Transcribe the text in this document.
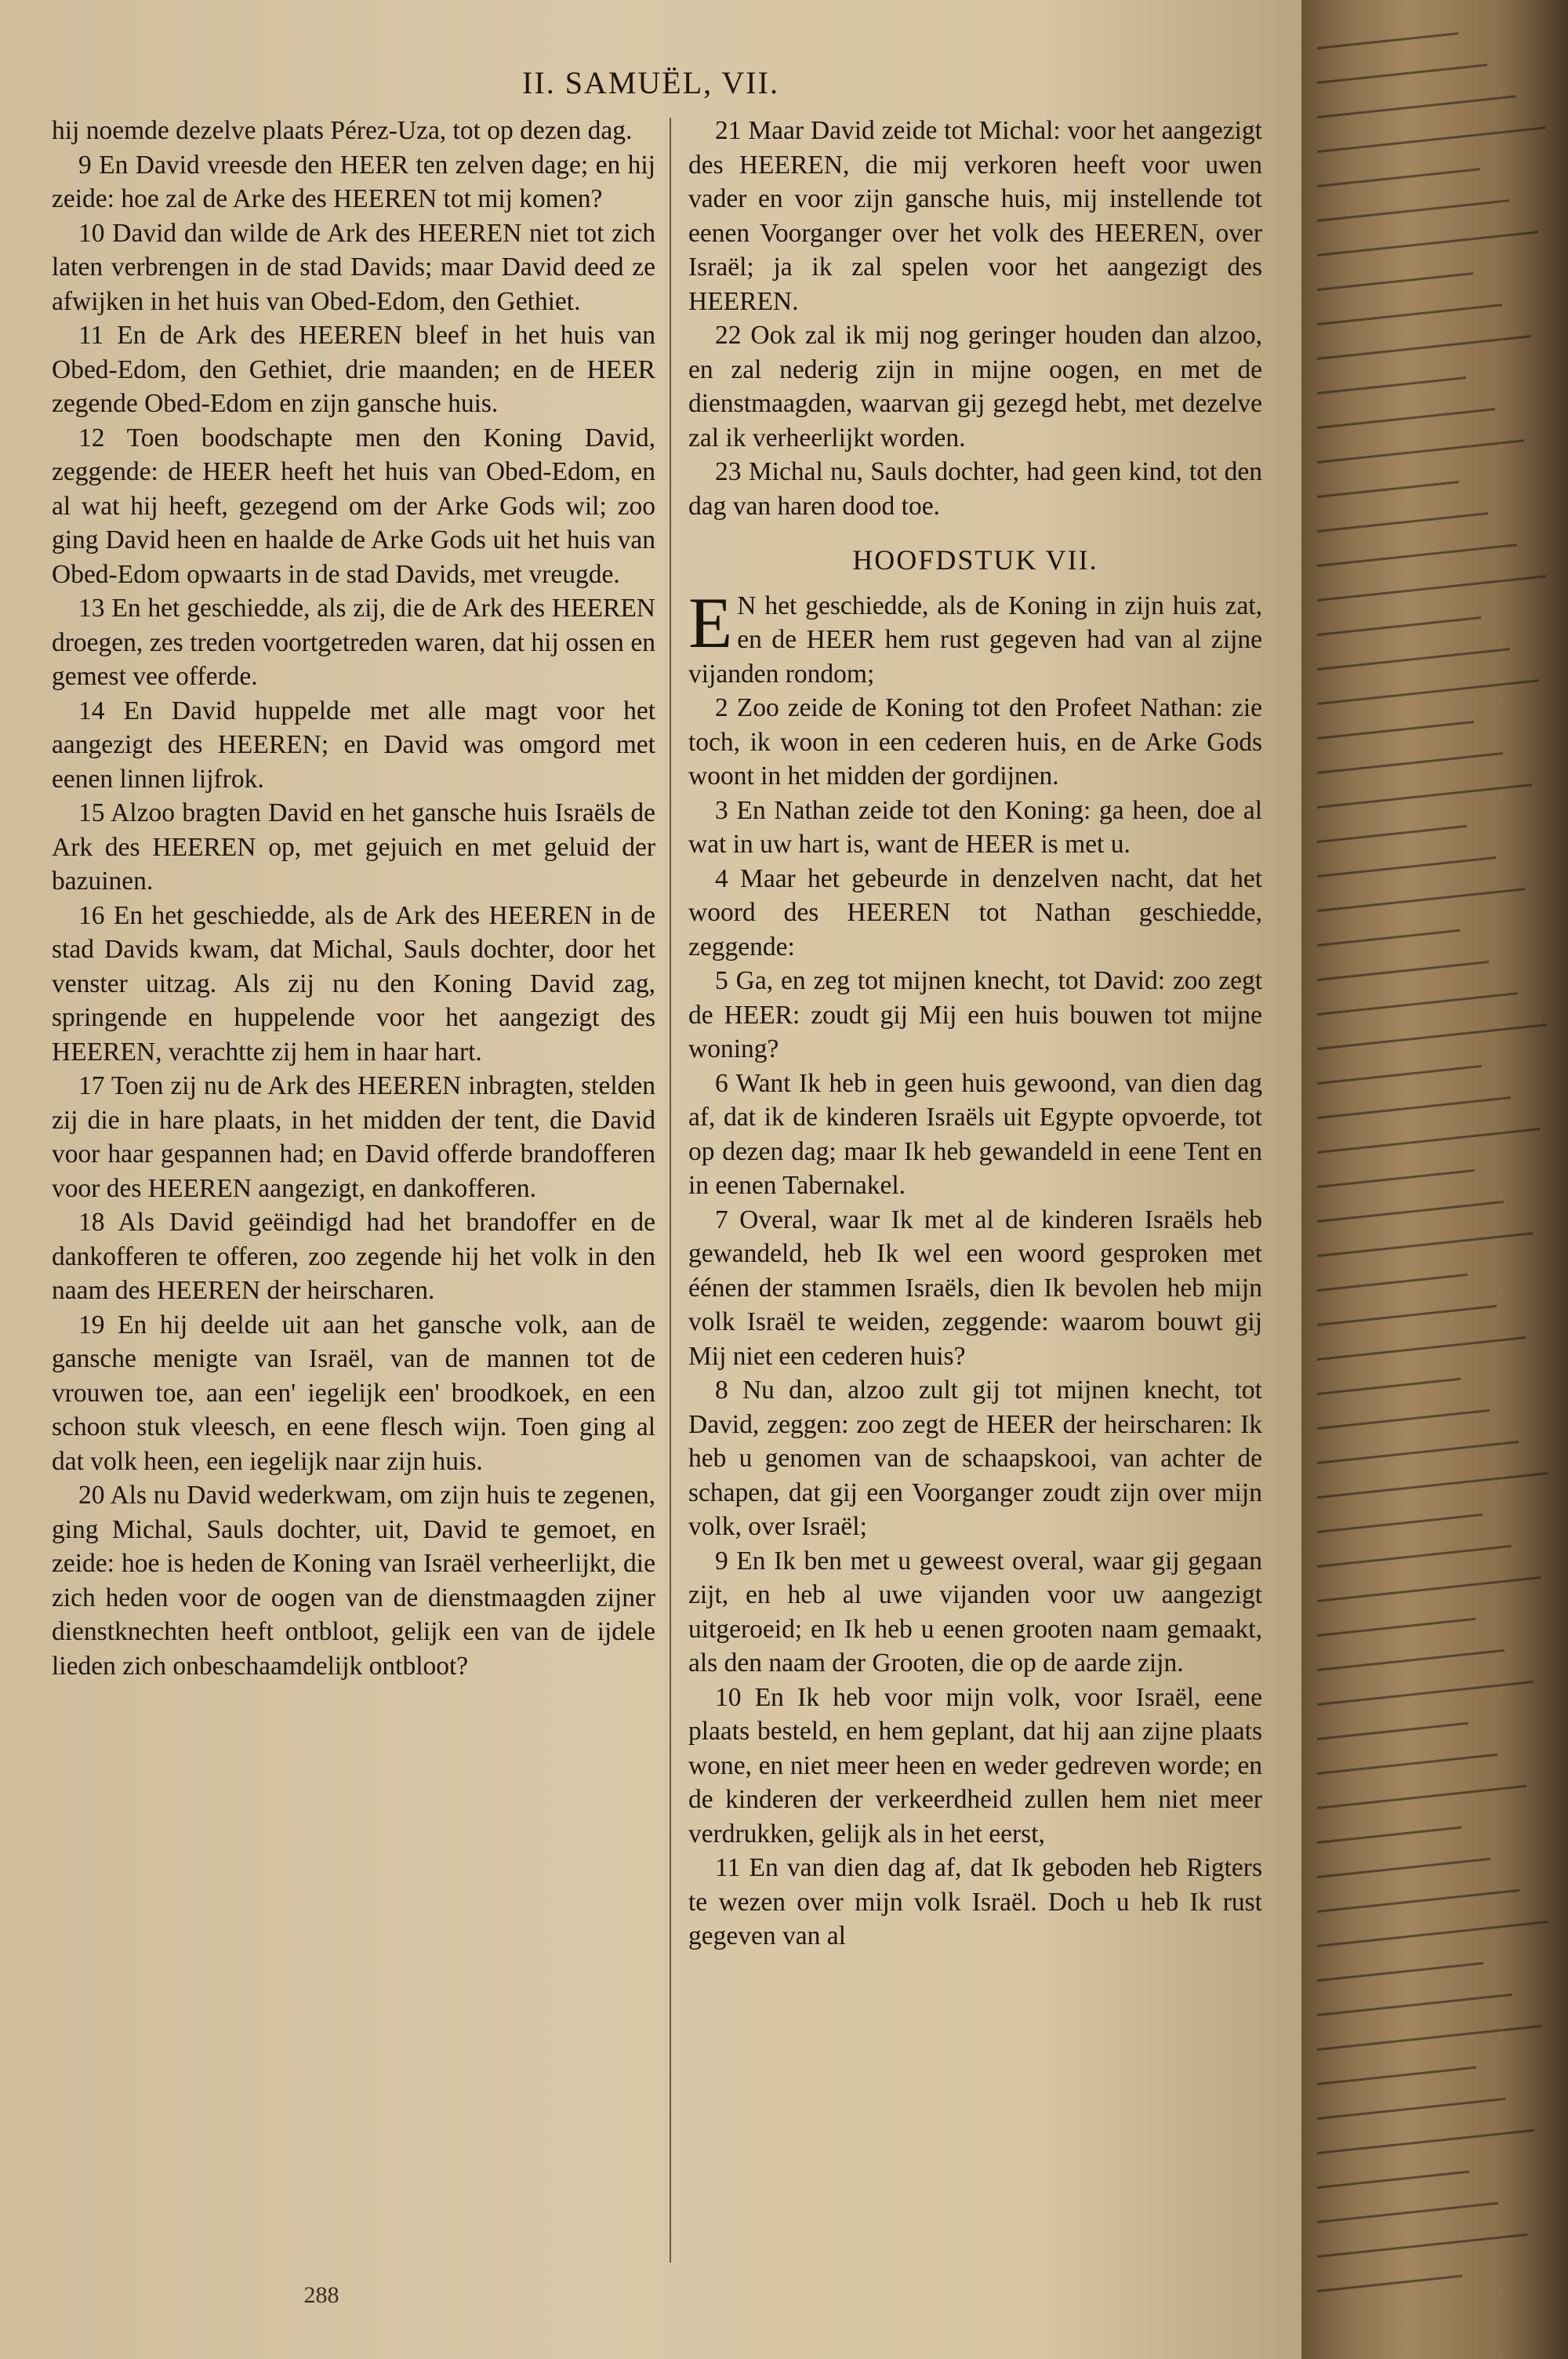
II. SAMUËL, VII.

hij noemde dezelve plaats Pérez-Uza, tot op dezen dag.

9 En David vreesde den HEER ten zelven dage; en hij zeide: hoe zal de Arke des HEEREN tot mij komen?

10 David dan wilde de Ark des HEEREN niet tot zich laten verbrengen in de stad Davids; maar David deed ze afwijken in het huis van Obed-Edom, den Gethiet.

11 En de Ark des HEEREN bleef in het huis van Obed-Edom, den Gethiet, drie maanden; en de HEER zegende Obed-Edom en zijn gansche huis.

12 Toen boodschapte men den Koning David, zeggende: de HEER heeft het huis van Obed-Edom, en al wat hij heeft, gezegend om der Arke Gods wil; zoo ging David heen en haalde de Arke Gods uit het huis van Obed-Edom opwaarts in de stad Davids, met vreugde.

13 En het geschiedde, als zij, die de Ark des HEEREN droegen, zes treden voortgetreden waren, dat hij ossen en gemest vee offerde.

14 En David huppelde met alle magt voor het aangezigt des HEEREN; en David was omgord met eenen linnen lijfrok.

15 Alzoo bragten David en het gansche huis Israëls de Ark des HEEREN op, met gejuich en met geluid der bazuinen.

16 En het geschiedde, als de Ark des HEEREN in de stad Davids kwam, dat Michal, Sauls dochter, door het venster uitzag. Als zij nu den Koning David zag, springende en huppelende voor het aangezigt des HEEREN, verachtte zij hem in haar hart.

17 Toen zij nu de Ark des HEEREN inbragten, stelden zij die in hare plaats, in het midden der tent, die David voor haar gespannen had; en David offerde brandofferen voor des HEEREN aangezigt, en dankofferen.

18 Als David geëindigd had het brandoffer en de dankofferen te offeren, zoo zegende hij het volk in den naam des HEEREN der heirscharen.

19 En hij deelde uit aan het gansche volk, aan de gansche menigte van Israël, van de mannen tot de vrouwen toe, aan een' iegelijk een' broodkoek, en een schoon stuk vleesch, en eene flesch wijn. Toen ging al dat volk heen, een iegelijk naar zijn huis.

20 Als nu David wederkwam, om zijn huis te zegenen, ging Michal, Sauls dochter, uit, David te gemoet, en zeide: hoe is heden de Koning van Israël verheerlijkt, die zich heden voor de oogen van de dienstmaagden zijner dienstknechten heeft ontbloot, gelijk een van de ijdele lieden zich onbeschaamdelijk ontbloot?

21 Maar David zeide tot Michal: voor het aangezigt des HEEREN, die mij verkoren heeft voor uwen vader en voor zijn gansche huis, mij instellende tot eenen Voorganger over het volk des HEEREN, over Israël; ja ik zal spelen voor het aangezigt des HEEREN.

22 Ook zal ik mij nog geringer houden dan alzoo, en zal nederig zijn in mijne oogen, en met de dienstmaagden, waarvan gij gezegd hebt, met dezelve zal ik verheerlijkt worden.

23 Michal nu, Sauls dochter, had geen kind, tot den dag van haren dood toe.

HOOFDSTUK VII.

E N het geschiedde, als de Koning in zijn huis zat, en de HEER hem rust gegeven had van al zijne vijanden rondom;

2 Zoo zeide de Koning tot den Profeet Nathan: zie toch, ik woon in een cederen huis, en de Arke Gods woont in het midden der gordijnen.

3 En Nathan zeide tot den Koning: ga heen, doe al wat in uw hart is, want de HEER is met u.

4 Maar het gebeurde in denzelven nacht, dat het woord des HEEREN tot Nathan geschiedde, zeggende:

5 Ga, en zeg tot mijnen knecht, tot David: zoo zegt de HEER: zoudt gij Mij een huis bouwen tot mijne woning?

6 Want Ik heb in geen huis gewoond, van dien dag af, dat ik de kinderen Israëls uit Egypte opvoerde, tot op dezen dag; maar Ik heb gewandeld in eene Tent en in eenen Tabernakel.

7 Overal, waar Ik met al de kinderen Israëls heb gewandeld, heb Ik wel een woord gesproken met éénen der stammen Israëls, dien Ik bevolen heb mijn volk Israël te weiden, zeggende: waarom bouwt gij Mij niet een cederen huis?

8 Nu dan, alzoo zult gij tot mijnen knecht, tot David, zeggen: zoo zegt de HEER der heirscharen: Ik heb u genomen van de schaapskooi, van achter de schapen, dat gij een Voorganger zoudt zijn over mijn volk, over Israël;

9 En Ik ben met u geweest overal, waar gij gegaan zijt, en heb al uwe vijanden voor uw aangezigt uitgeroeid; en Ik heb u eenen grooten naam gemaakt, als den naam der Grooten, die op de aarde zijn.

10 En Ik heb voor mijn volk, voor Israël, eene plaats besteld, en hem geplant, dat hij aan zijne plaats wone, en niet meer heen en weder gedreven worde; en de kinderen der verkeerdheid zullen hem niet meer verdrukken, gelijk als in het eerst,

11 En van dien dag af, dat Ik geboden heb Rigters te wezen over mijn volk Israël. Doch u heb Ik rust gegeven van al

288
